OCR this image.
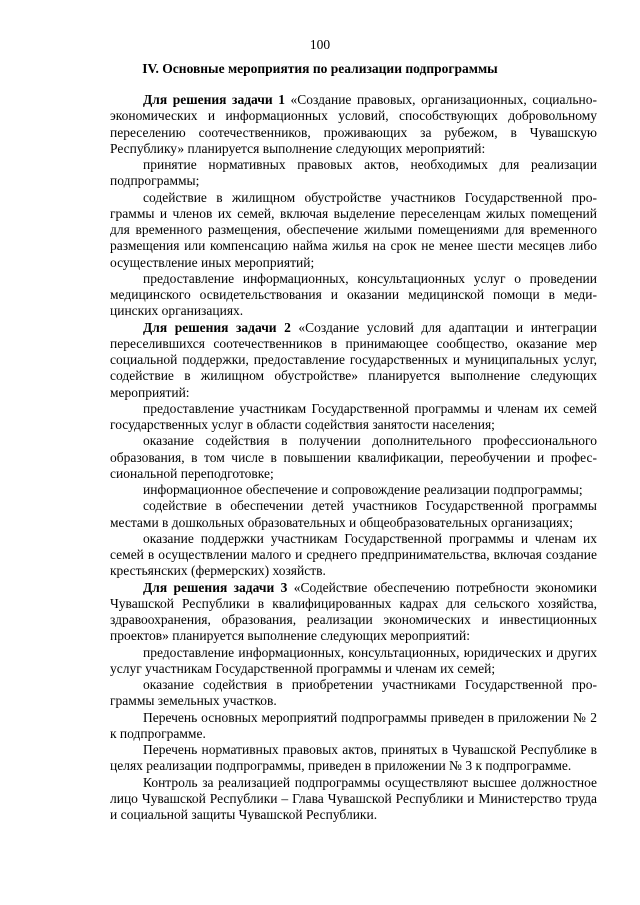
100
IV. Основные мероприятия по реализации подпрограммы

Для решения задачи 1 «Создание правовых, организационных, социально-экономических и информационных условий, способствующих добровольному переселению соотечественников, проживающих за рубежом, в Чувашскую Республику» планируется выполнение следующих мероприятий:

принятие нормативных правовых актов, необходимых для реализации подпрограммы;

содействие в жилищном обустройстве участников Государственной программы и членов их семей, включая выделение переселенцам жилых помещений для временного размещения, обеспечение жилыми помещениями для временного размещения или компенсацию найма жилья на срок не менее шести месяцев либо осуществление иных мероприятий;

предоставление информационных, консультационных услуг о проведении медицинского освидетельствования и оказании медицинской помощи в медицинских организациях.

Для решения задачи 2 «Создание условий для адаптации и интеграции переселившихся соотечественников в принимающее сообщество, оказание мер социальной поддержки, предоставление государственных и муниципальных услуг, содействие в жилищном обустройстве» планируется выполнение следующих мероприятий:

предоставление участникам Государственной программы и членам их семей государственных услуг в области содействия занятости населения;

оказание содействия в получении дополнительного профессионального образования, в том числе в повышении квалификации, переобучении и профессиональной переподготовке;

информационное обеспечение и сопровождение реализации подпрограммы;

содействие в обеспечении детей участников Государственной программы местами в дошкольных образовательных и общеобразовательных организациях;

оказание поддержки участникам Государственной программы и членам их семей в осуществлении малого и среднего предпринимательства, включая создание крестьянских (фермерских) хозяйств.

Для решения задачи 3 «Содействие обеспечению потребности экономики Чувашской Республики в квалифицированных кадрах для сельского хозяйства, здравоохранения, образования, реализации экономических и инвестиционных проектов» планируется выполнение следующих мероприятий:

предоставление информационных, консультационных, юридических и других услуг участникам Государственной программы и членам их семей;

оказание содействия в приобретении участниками Государственной программы земельных участков.

Перечень основных мероприятий подпрограммы приведен в приложении № 2 к подпрограмме.

Перечень нормативных правовых актов, принятых в Чувашской Республике в целях реализации подпрограммы, приведен в приложении № 3 к подпрограмме.

Контроль за реализацией подпрограммы осуществляют высшее должностное лицо Чувашской Республики – Глава Чувашской Республики и Министерство труда и социальной защиты Чувашской Республики.
